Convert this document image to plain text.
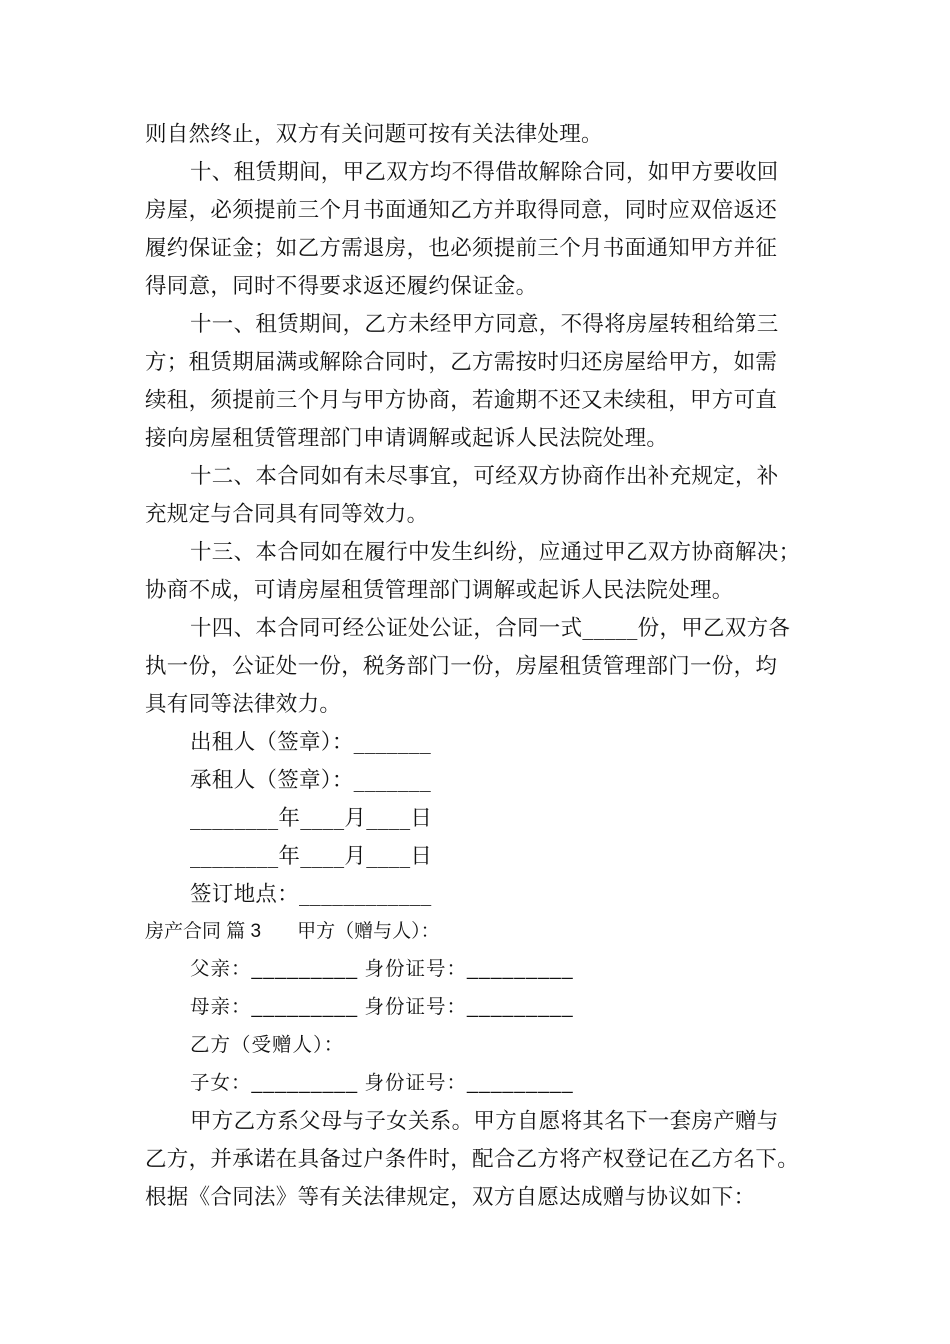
则自然终止，双方有关问题可按有关法律处理。
十、租赁期间，甲乙双方均不得借故解除合同，如甲方要收回
房屋，必须提前三个月书面通知乙方并取得同意，同时应双倍返还
履约保证金；如乙方需退房，也必须提前三个月书面通知甲方并征
得同意，同时不得要求返还履约保证金。
十一、租赁期间，乙方未经甲方同意，不得将房屋转租给第三
方；租赁期届满或解除合同时，乙方需按时归还房屋给甲方，如需
续租，须提前三个月与甲方协商，若逾期不还又未续租，甲方可直
接向房屋租赁管理部门申请调解或起诉人民法院处理。
十二、本合同如有未尽事宜，可经双方协商作出补充规定，补
充规定与合同具有同等效力。
十三、本合同如在履行中发生纠纷，应通过甲乙双方协商解决；
协商不成，可请房屋租赁管理部门调解或起诉人民法院处理。
十四、本合同可经公证处公证，合同一式_____份，甲乙双方各
执一份，公证处一份，税务部门一份，房屋租赁管理部门一份，均
具有同等法律效力。
出租人（签章）：_______
承租人（签章）：_______
________年____月____日
________年____月____日
签订地点：____________
房产合同 篇 3 甲方（赠与人）：
父亲：_________ 身份证号：_________
母亲：_________ 身份证号：_________
乙方（受赠人）：
子女：_________ 身份证号：_________
甲方乙方系父母与子女关系。甲方自愿将其名下一套房产赠与
乙方，并承诺在具备过户条件时，配合乙方将产权登记在乙方名下。
根据《合同法》等有关法律规定，双方自愿达成赠与协议如下：
